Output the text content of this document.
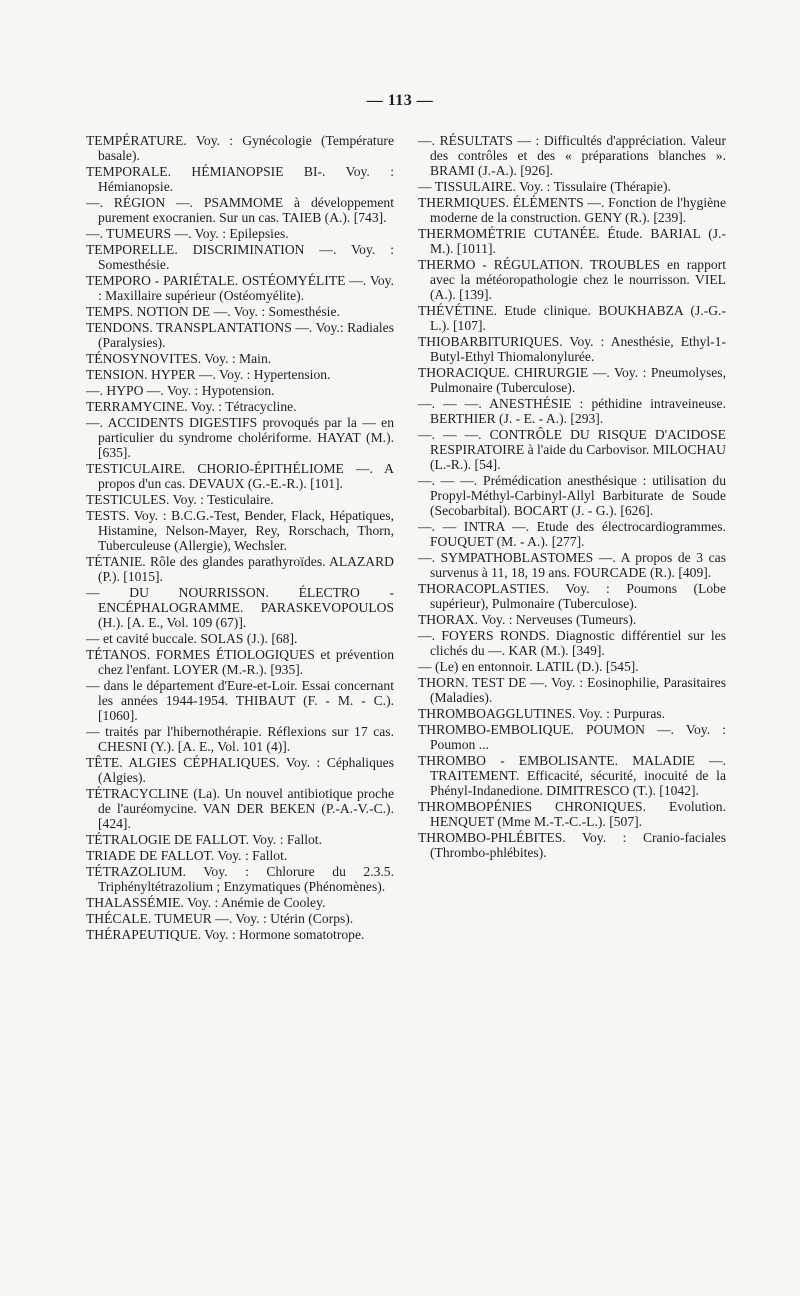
— 113 —

TEMPÉRATURE. Voy. : Gynécologie (Température basale).

TEMPORALE. HÉMIANOPSIE BI-. Voy. : Hémianopsie.

—. RÉGION —. PSAMMOME à développement purement exocranien. Sur un cas. TAIEB (A.). [743].

—. TUMEURS —. Voy. : Epilepsies.

TEMPORELLE. DISCRIMINATION —. Voy. : Somesthésie.

TEMPORO - PARIÉTALE. OSTÉOMYÉLITE —. Voy. : Maxillaire supérieur (Ostéomyélite).

TEMPS. NOTION DE —. Voy. : Somesthésie.

TENDONS. TRANSPLANTATIONS —. Voy.: Radiales (Paralysies).

TÉNOSYNOVITES. Voy. : Main.

TENSION. HYPER —. Voy. : Hypertension.

—. HYPO —. Voy. : Hypotension.

TERRAMYCINE. Voy. : Tétracycline.

—. ACCIDENTS DIGESTIFS provoqués par la — en particulier du syndrome cholériforme. HAYAT (M.). [635].

TESTICULAIRE. CHORIO-ÉPITHÉLIOME —. A propos d'un cas. DEVAUX (G.-E.-R.). [101].

TESTICULES. Voy. : Testiculaire.

TESTS. Voy. : B.C.G.-Test, Bender, Flack, Hépatiques, Histamine, Nelson-Mayer, Rey, Rorschach, Thorn, Tuberculeuse (Allergie), Wechsler.

TÉTANIE. Rôle des glandes parathyroïdes. ALAZARD (P.). [1015].

— DU NOURRISSON. ÉLECTRO - ENCÉPHALOGRAMME. PARASKEVOPOULOS (H.). [A. E., Vol. 109 (67)].

— et cavité buccale. SOLAS (J.). [68].

TÉTANOS. FORMES ÉTIOLOGIQUES et prévention chez l'enfant. LOYER (M.-R.). [935].

— dans le département d'Eure-et-Loir. Essai concernant les années 1944-1954. THIBAUT (F. - M. - C.). [1060].

— traités par l'hibernothérapie. Réflexions sur 17 cas. CHESNI (Y.). [A. E., Vol. 101 (4)].

TÊTE. ALGIES CÉPHALIQUES. Voy. : Céphaliques (Algies).

TÉTRACYCLINE (La). Un nouvel antibiotique proche de l'auréomycine. VAN DER BEKEN (P.-A.-V.-C.). [424].

TÉTRALOGIE DE FALLOT. Voy. : Fallot.

TRIADE DE FALLOT. Voy. : Fallot.

TÉTRAZOLIUM. Voy. : Chlorure du 2.3.5. Triphényltétrazolium ; Enzymatiques (Phénomènes).

THALASSÉMIE. Voy. : Anémie de Cooley.

THÉCALE. TUMEUR —. Voy. : Utérin (Corps).

THÉRAPEUTIQUE. Voy. : Hormone somatotrope.

—. RÉSULTATS — : Difficultés d'appréciation. Valeur des contrôles et des « préparations blanches ». BRAMI (J.-A.). [926].

— TISSULAIRE. Voy. : Tissulaire (Thérapie).

THERMIQUES. ÉLÉMENTS —. Fonction de l'hygiène moderne de la construction. GENY (R.). [239].

THERMOMÉTRIE CUTANÉE. Étude. BARIAL (J.-M.). [1011].

THERMO - RÉGULATION. TROUBLES en rapport avec la météoropathologie chez le nourrisson. VIEL (A.). [139].

THÉVÉTINE. Etude clinique. BOUKHABZA (J.-G.-L.). [107].

THIOBARBITURIQUES. Voy. : Anesthésie, Ethyl-1-Butyl-Ethyl Thiomalonylurée.

THORACIQUE. CHIRURGIE —. Voy. : Pneumolyses, Pulmonaire (Tuberculose).

—. — —. ANESTHÉSIE : péthidine intraveineuse. BERTHIER (J. - E. - A.). [293].

—. — —. CONTRÔLE DU RISQUE D'ACIDOSE RESPIRATOIRE à l'aide du Carbovisor. MILOCHAU (L.-R.). [54].

—. — —. Prémédication anesthésique : utilisation du Propyl-Méthyl-Carbinyl-Allyl Barbiturate de Soude (Secobarbital). BOCART (J. - G.). [626].

—. — INTRA —. Etude des électrocardiogrammes. FOUQUET (M. - A.). [277].

—. SYMPATHOBLASTOMES —. A propos de 3 cas survenus à 11, 18, 19 ans. FOURCADE (R.). [409].

THORACOPLASTIES. Voy. : Poumons (Lobe supérieur), Pulmonaire (Tuberculose).

THORAX. Voy. : Nerveuses (Tumeurs).

—. FOYERS RONDS. Diagnostic différentiel sur les clichés du —. KAR (M.). [349].

— (Le) en entonnoir. LATIL (D.). [545].

THORN. TEST DE —. Voy. : Eosinophilie, Parasitaires (Maladies).

THROMBOAGGLUTINES. Voy. : Purpuras.

THROMBO-EMBOLIQUE. POUMON —. Voy. : Poumon ...

THROMBO - EMBOLISANTE. MALADIE —. TRAITEMENT. Efficacité, sécurité, inocuité de la Phényl-Indanedione. DIMITRESCO (T.). [1042].

THROMBOPÉNIES CHRONIQUES. Evolution. HENQUET (Mme M.-T.-C.-L.). [507].

THROMBO-PHLÉBITES. Voy. : Cranio-faciales (Thrombo-phlébites).
